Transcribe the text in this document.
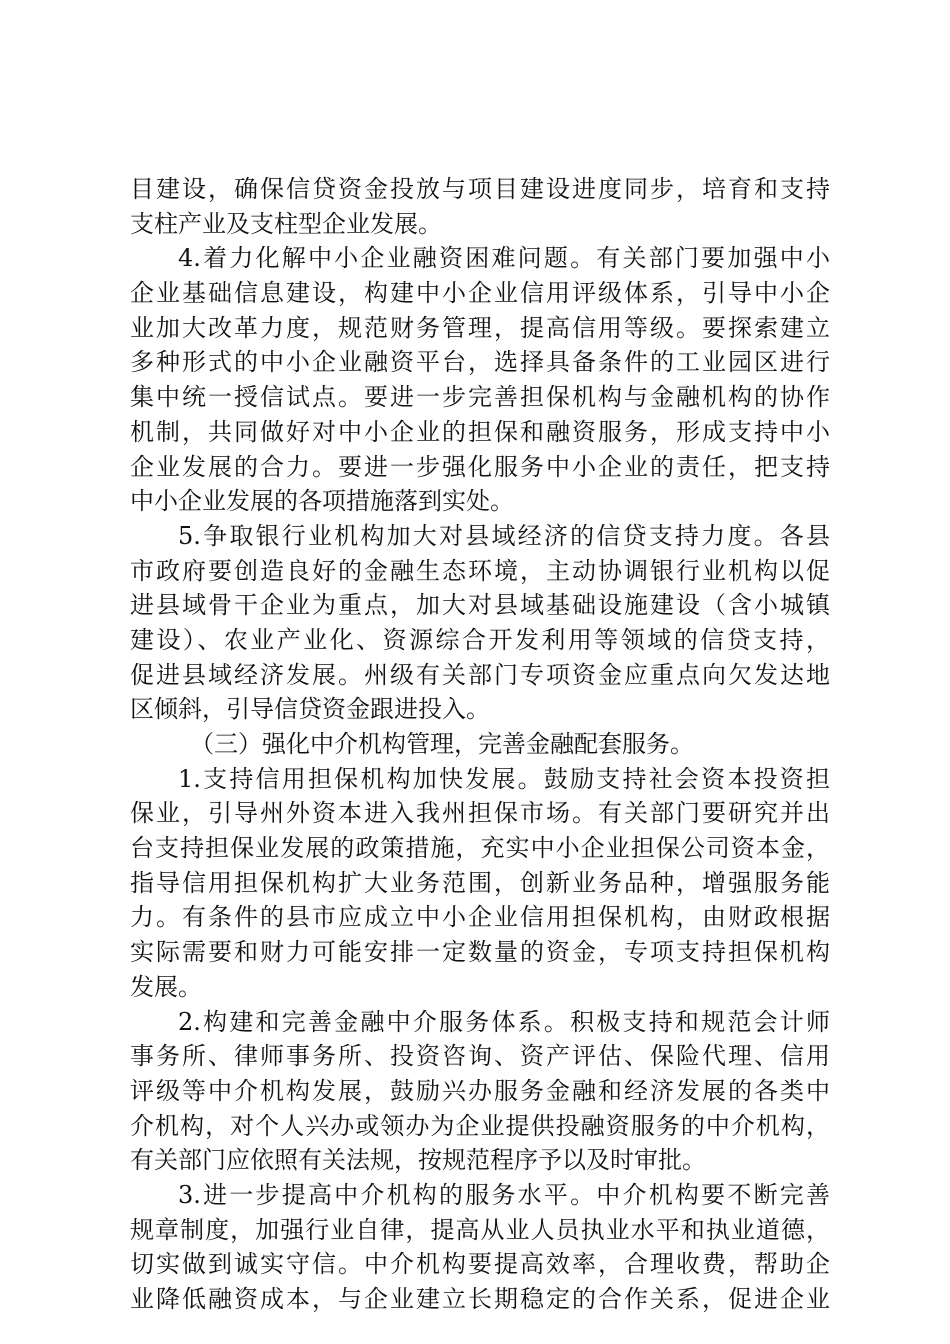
目建设，确保信贷资金投放与项目建设进度同步，培育和支持
支柱产业及支柱型企业发展。
4.着力化解中小企业融资困难问题。有关部门要加强中小
企业基础信息建设，构建中小企业信用评级体系，引导中小企
业加大改革力度，规范财务管理，提高信用等级。要探索建立
多种形式的中小企业融资平台，选择具备条件的工业园区进行
集中统一授信试点。要进一步完善担保机构与金融机构的协作
机制，共同做好对中小企业的担保和融资服务，形成支持中小
企业发展的合力。要进一步强化服务中小企业的责任，把支持
中小企业发展的各项措施落到实处。
5.争取银行业机构加大对县域经济的信贷支持力度。各县
市政府要创造良好的金融生态环境，主动协调银行业机构以促
进县域骨干企业为重点，加大对县域基础设施建设（含小城镇
建设）、农业产业化、资源综合开发利用等领域的信贷支持，
促进县域经济发展。州级有关部门专项资金应重点向欠发达地
区倾斜，引导信贷资金跟进投入。
（三）强化中介机构管理，完善金融配套服务。
1.支持信用担保机构加快发展。鼓励支持社会资本投资担
保业，引导州外资本进入我州担保市场。有关部门要研究并出
台支持担保业发展的政策措施，充实中小企业担保公司资本金，
指导信用担保机构扩大业务范围，创新业务品种，增强服务能
力。有条件的县市应成立中小企业信用担保机构，由财政根据
实际需要和财力可能安排一定数量的资金，专项支持担保机构
发展。
2.构建和完善金融中介服务体系。积极支持和规范会计师
事务所、律师事务所、投资咨询、资产评估、保险代理、信用
评级等中介机构发展，鼓励兴办服务金融和经济发展的各类中
介机构，对个人兴办或领办为企业提供投融资服务的中介机构，
有关部门应依照有关法规，按规范程序予以及时审批。
3.进一步提高中介机构的服务水平。中介机构要不断完善
规章制度，加强行业自律，提高从业人员执业水平和执业道德，
切实做到诚实守信。中介机构要提高效率，合理收费，帮助企
业降低融资成本，与企业建立长期稳定的合作关系，促进企业
